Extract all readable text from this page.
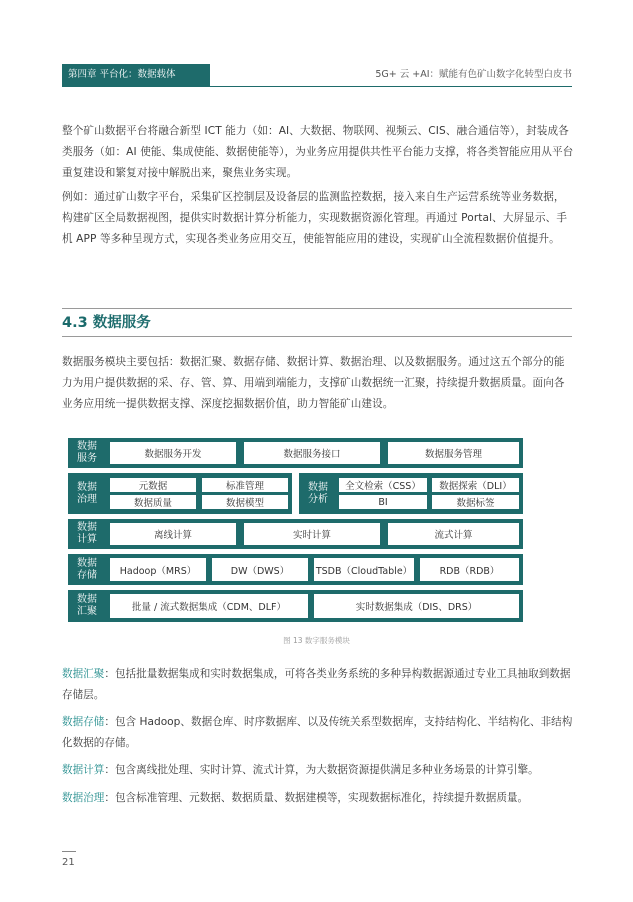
第四章 平台化：数据载体	5G+ 云 +AI：赋能有色矿山数字化转型白皮书

整个矿山数据平台将融合新型 ICT 能力（如：AI、大数据、物联网、视频云、CIS、融合通信等），封装成各类服务（如：AI 使能、集成使能、数据使能等），为业务应用提供共性平台能力支撑，将各类智能应用从平台重复建设和繁复对接中解脱出来，聚焦业务实现。

例如：通过矿山数字平台，采集矿区控制层及设备层的监测监控数据，接入来自生产运营系统等业务数据，构建矿区全局数据视图，提供实时数据计算分析能力，实现数据资源化管理。再通过 Portal、大屏显示、手机 APP 等多种呈现方式，实现各类业务应用交互，使能智能应用的建设，实现矿山全流程数据价值提升。

4.3 数据服务

数据服务模块主要包括：数据汇聚、数据存储、数据计算、数据治理、以及数据服务。通过这五个部分的能力为用户提供数据的采、存、管、算、用端到端能力，支撑矿山数据统一汇聚，持续提升数据质量。面向各业务应用统一提供数据支撑、深度挖掘数据价值，助力智能矿山建设。

数据
服务	数据服务开发	数据服务接口	数据服务管理
数据
治理
元数据	标准管理
数据质量	数据模型
数据
分析
全文检索（CSS）	数据探索（DLI）
BI	数据标签
数据
计算	离线计算	实时计算	流式计算
数据
存储	Hadoop（MRS）	DW（DWS）	TSDB（CloudTable）	RDB（RDB）
数据
汇聚	批量 / 流式数据集成（CDM、DLF）	实时数据集成（DIS、DRS）
图 13 数字服务模块

数据汇聚：包括批量数据集成和实时数据集成，可将各类业务系统的多种异构数据源通过专业工具抽取到数据存储层。

数据存储：包含 Hadoop、数据仓库、时序数据库、以及传统关系型数据库，支持结构化、半结构化、非结构化数据的存储。

数据计算：包含离线批处理、实时计算、流式计算，为大数据资源提供满足多种业务场景的计算引擎。

数据治理：包含标准管理、元数据、数据质量、数据建模等，实现数据标准化，持续提升数据质量。

21
